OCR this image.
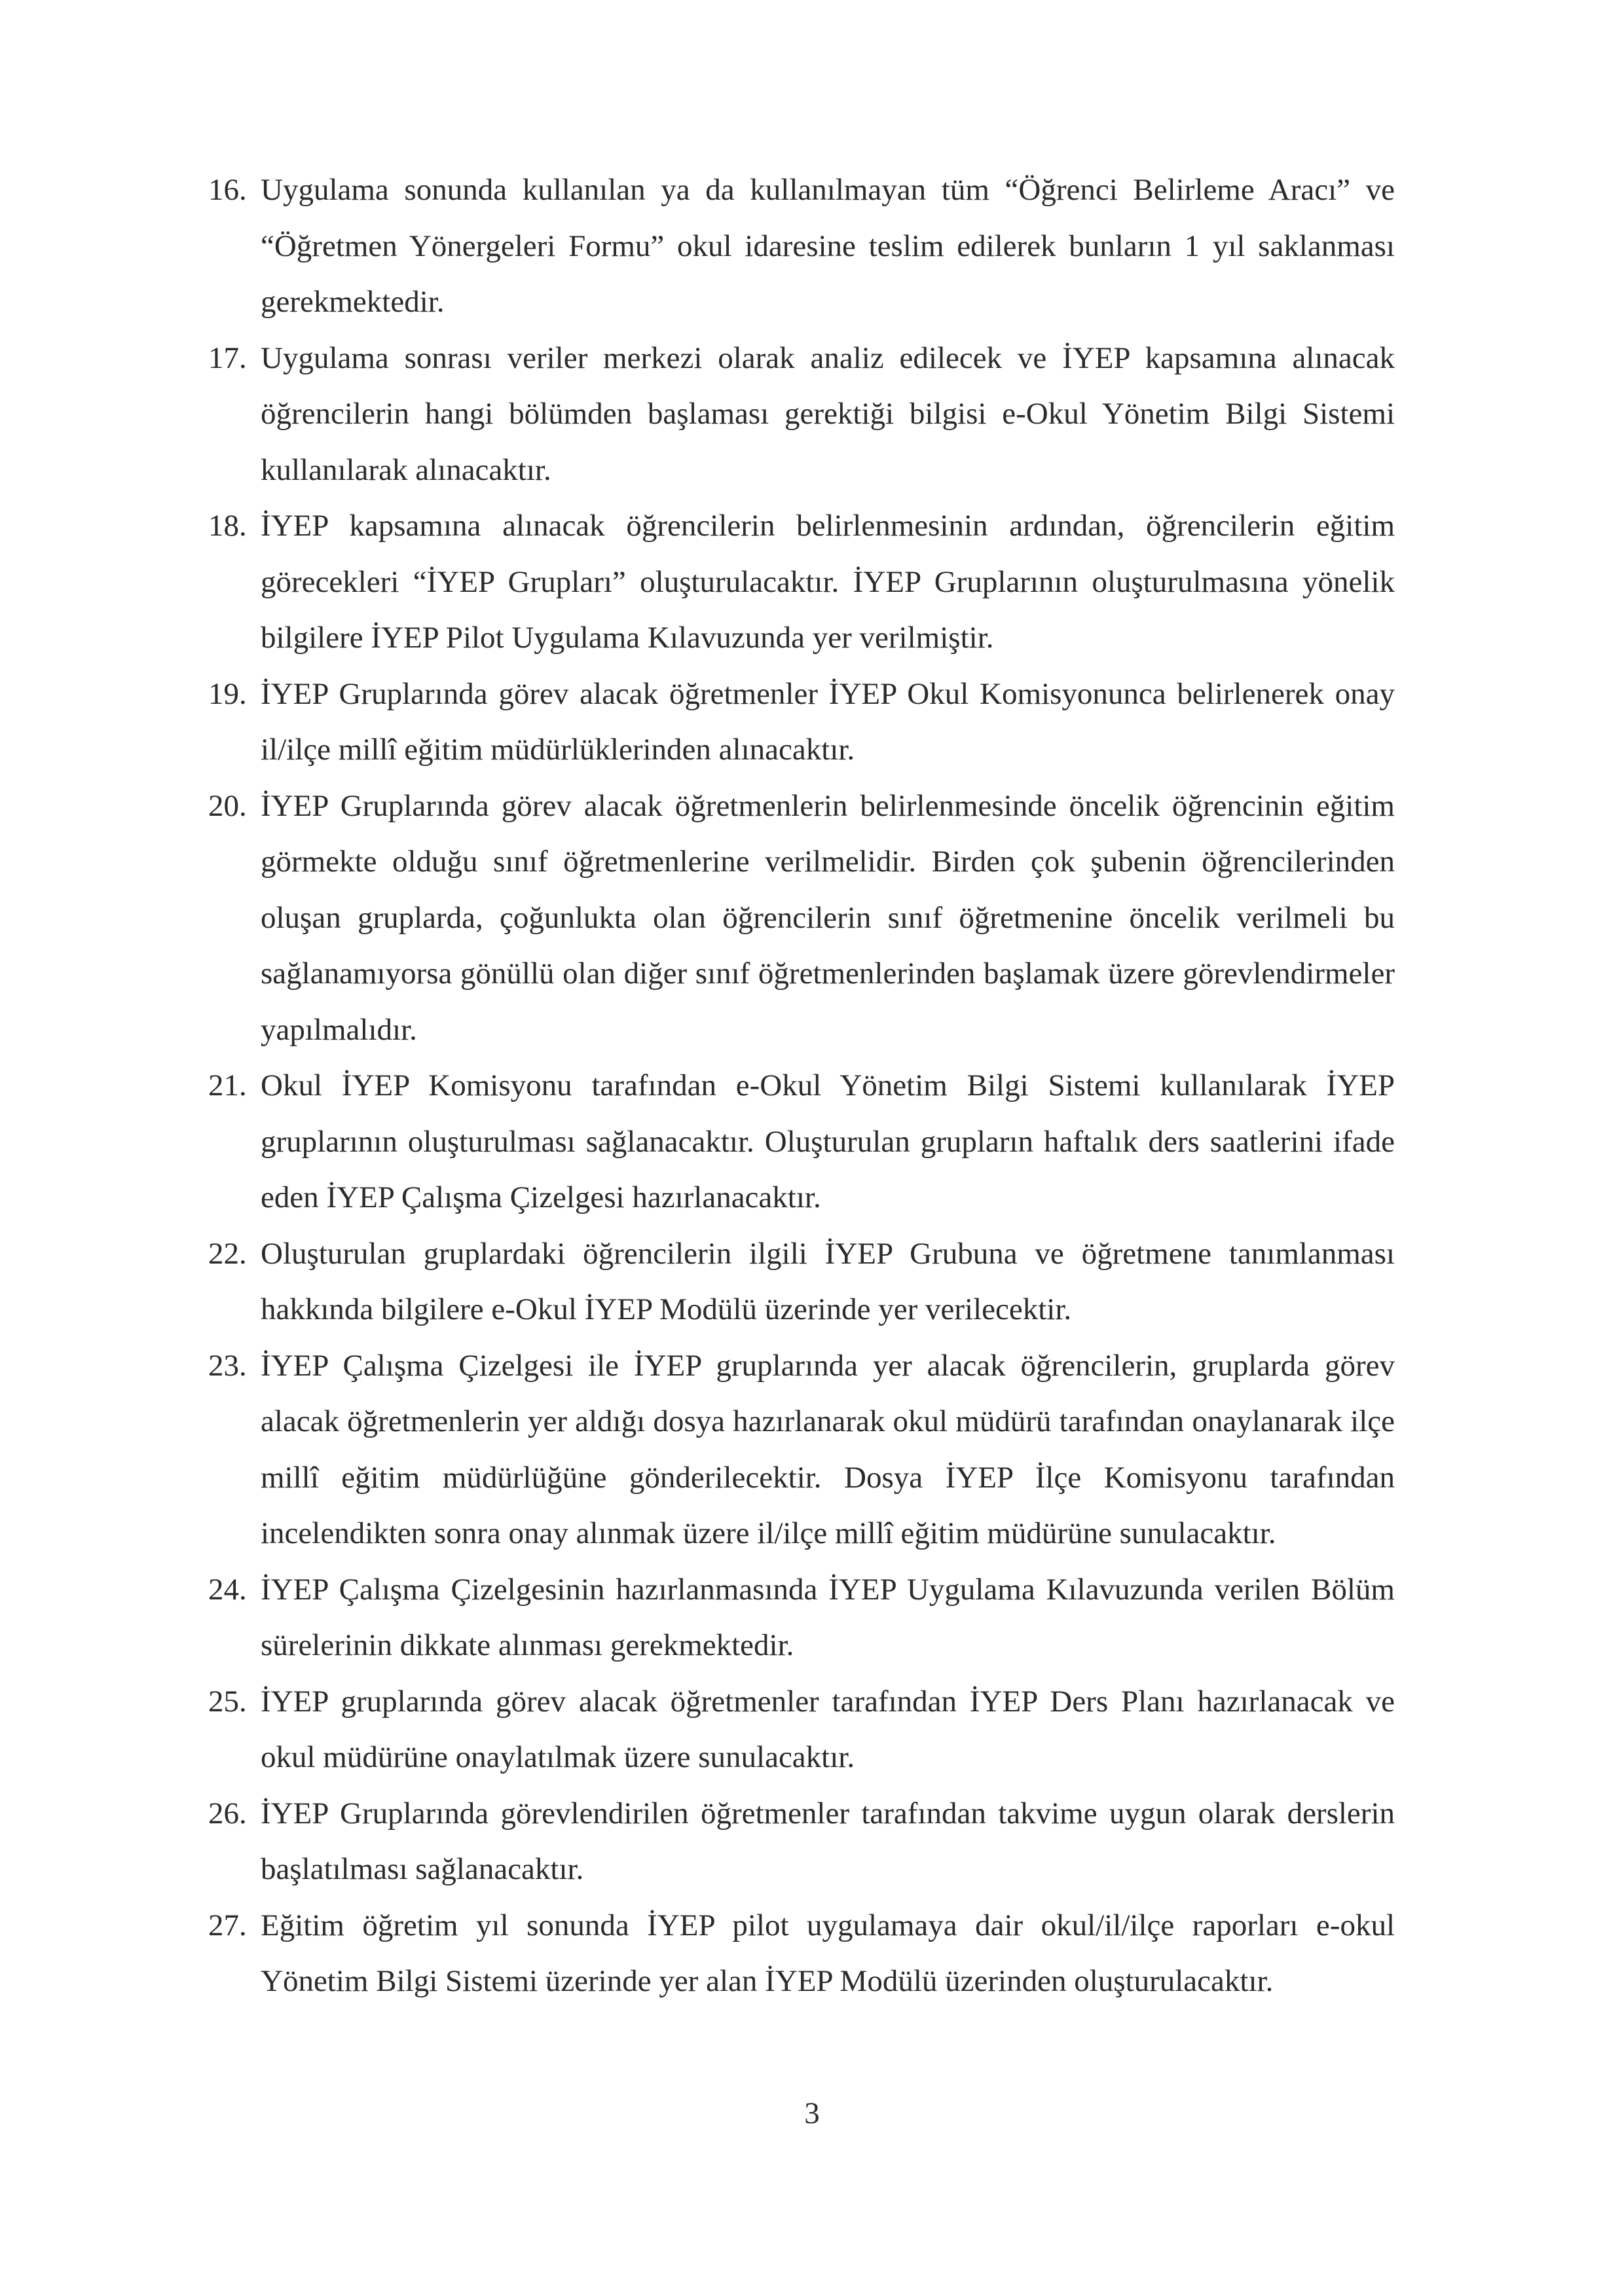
16. Uygulama sonunda kullanılan ya da kullanılmayan tüm “Öğrenci Belirleme Aracı” ve “Öğretmen Yönergeleri Formu” okul idaresine teslim edilerek bunların 1 yıl saklanması gerekmektedir.
17. Uygulama sonrası veriler merkezi olarak analiz edilecek ve İYEP kapsamına alınacak öğrencilerin hangi bölümden başlaması gerektiği bilgisi e-Okul Yönetim Bilgi Sistemi kullanılarak alınacaktır.
18. İYEP kapsamına alınacak öğrencilerin belirlenmesinin ardından, öğrencilerin eğitim görecekleri “İYEP Grupları” oluşturulacaktır. İYEP Gruplarının oluşturulmasına yönelik bilgilere İYEP Pilot Uygulama Kılavuzunda yer verilmiştir.
19. İYEP Gruplarında görev alacak öğretmenler İYEP Okul Komisyonunca belirlenerek onay il/ilçe millî eğitim müdürlüklerinden alınacaktır.
20. İYEP Gruplarında görev alacak öğretmenlerin belirlenmesinde öncelik öğrencinin eğitim görmekte olduğu sınıf öğretmenlerine verilmelidir. Birden çok şubenin öğrencilerinden oluşan gruplarda, çoğunlukta olan öğrencilerin sınıf öğretmenine öncelik verilmeli bu sağlanamıyorsa gönüllü olan diğer sınıf öğretmenlerinden başlamak üzere görevlendirmeler yapılmalıdır.
21. Okul İYEP Komisyonu tarafından e-Okul Yönetim Bilgi Sistemi kullanılarak İYEP gruplarının oluşturulması sağlanacaktır. Oluşturulan grupların haftalık ders saatlerini ifade eden İYEP Çalışma Çizelgesi hazırlanacaktır.
22. Oluşturulan gruplardaki öğrencilerin ilgili İYEP Grubuna ve öğretmene tanımlanması hakkında bilgilere e-Okul İYEP Modülü üzerinde yer verilecektir.
23. İYEP Çalışma Çizelgesi ile İYEP gruplarında yer alacak öğrencilerin, gruplarda görev alacak öğretmenlerin yer aldığı dosya hazırlanarak okul müdürü tarafından onaylanarak ilçe millî eğitim müdürlüğüne gönderilecektir. Dosya İYEP İlçe Komisyonu tarafından incelendikten sonra onay alınmak üzere il/ilçe millî eğitim müdürüne sunulacaktır.
24. İYEP Çalışma Çizelgesinin hazırlanmasında İYEP Uygulama Kılavuzunda verilen Bölüm sürelerinin dikkate alınması gerekmektedir.
25. İYEP gruplarında görev alacak öğretmenler tarafından İYEP Ders Planı hazırlanacak ve okul müdürüne onaylatılmak üzere sunulacaktır.
26. İYEP Gruplarında görevlendirilen öğretmenler tarafından takvime uygun olarak derslerin başlatılması sağlanacaktır.
27. Eğitim öğretim yıl sonunda İYEP pilot uygulamaya dair okul/il/ilçe raporları e-okul Yönetim Bilgi Sistemi üzerinde yer alan İYEP Modülü üzerinden oluşturulacaktır.
3
